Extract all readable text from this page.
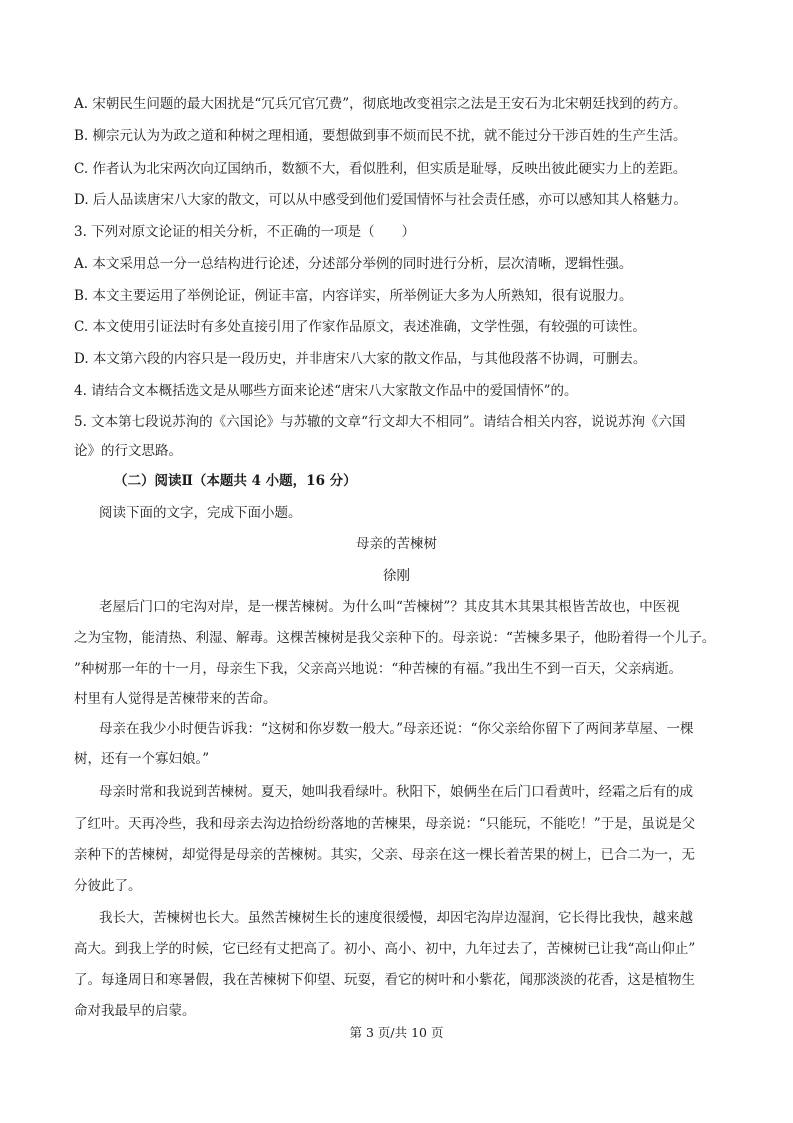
A. 宋朝民生问题的最大困扰是“冗兵冗官冗费”，彻底地改变祖宗之法是王安石为北宋朝廷找到的药方。
B. 柳宗元认为为政之道和种树之理相通，要想做到事不烦而民不扰，就不能过分干涉百姓的生产生活。
C. 作者认为北宋两次向辽国纳币，数额不大，看似胜利，但实质是耻辱，反映出彼此硬实力上的差距。
D. 后人品读唐宋八大家的散文，可以从中感受到他们爱国情怀与社会责任感，亦可以感知其人格魅力。
3. 下列对原文论证的相关分析，不正确的一项是（　　）
A. 本文采用总一分一总结构进行论述，分述部分举例的同时进行分析，层次清晰，逻辑性强。
B. 本文主要运用了举例论证，例证丰富，内容详实，所举例证大多为人所熟知，很有说服力。
C. 本文使用引证法时有多处直接引用了作家作品原文，表述准确，文学性强，有较强的可读性。
D. 本文第六段的内容只是一段历史，并非唐宋八大家的散文作品，与其他段落不协调，可删去。
4. 请结合文本概括选文是从哪些方面来论述“唐宋八大家散文作品中的爱国情怀”的。
5. 文本第七段说苏洵的《六国论》与苏辙的文章“行文却大不相同”。请结合相关内容，说说苏洵《六国
论》的行文思路。
（二）阅读Ⅱ（本题共 4 小题，16 分）
阅读下面的文字，完成下面小题。
母亲的苦楝树
徐刚
老屋后门口的宅沟对岸，是一棵苦楝树。为什么叫“苦楝树”？其皮其木其果其根皆苦故也，中医视
之为宝物，能清热、利湿、解毒。这棵苦楝树是我父亲种下的。母亲说：“苦楝多果子，他盼着得一个儿子。
”种树那一年的十一月，母亲生下我，父亲高兴地说：“种苦楝的有福。”我出生不到一百天，父亲病逝。
村里有人觉得是苦楝带来的苦命。
母亲在我少小时便告诉我：“这树和你岁数一般大。”母亲还说：“你父亲给你留下了两间茅草屋、一棵
树，还有一个寡妇娘。”
母亲时常和我说到苦楝树。夏天，她叫我看绿叶。秋阳下，娘俩坐在后门口看黄叶，经霜之后有的成
了红叶。天再冷些，我和母亲去沟边拾纷纷落地的苦楝果，母亲说：“只能玩，不能吃！”于是，虽说是父
亲种下的苦楝树，却觉得是母亲的苦楝树。其实，父亲、母亲在这一棵长着苦果的树上，已合二为一，无
分彼此了。
我长大，苦楝树也长大。虽然苦楝树生长的速度很缓慢，却因宅沟岸边湿润，它长得比我快，越来越
高大。到我上学的时候，它已经有丈把高了。初小、高小、初中，九年过去了，苦楝树已让我“高山仰止”
了。每逢周日和寒暑假，我在苦楝树下仰望、玩耍，看它的树叶和小紫花，闻那淡淡的花香，这是植物生
命对我最早的启蒙。
第 3 页/共 10 页
